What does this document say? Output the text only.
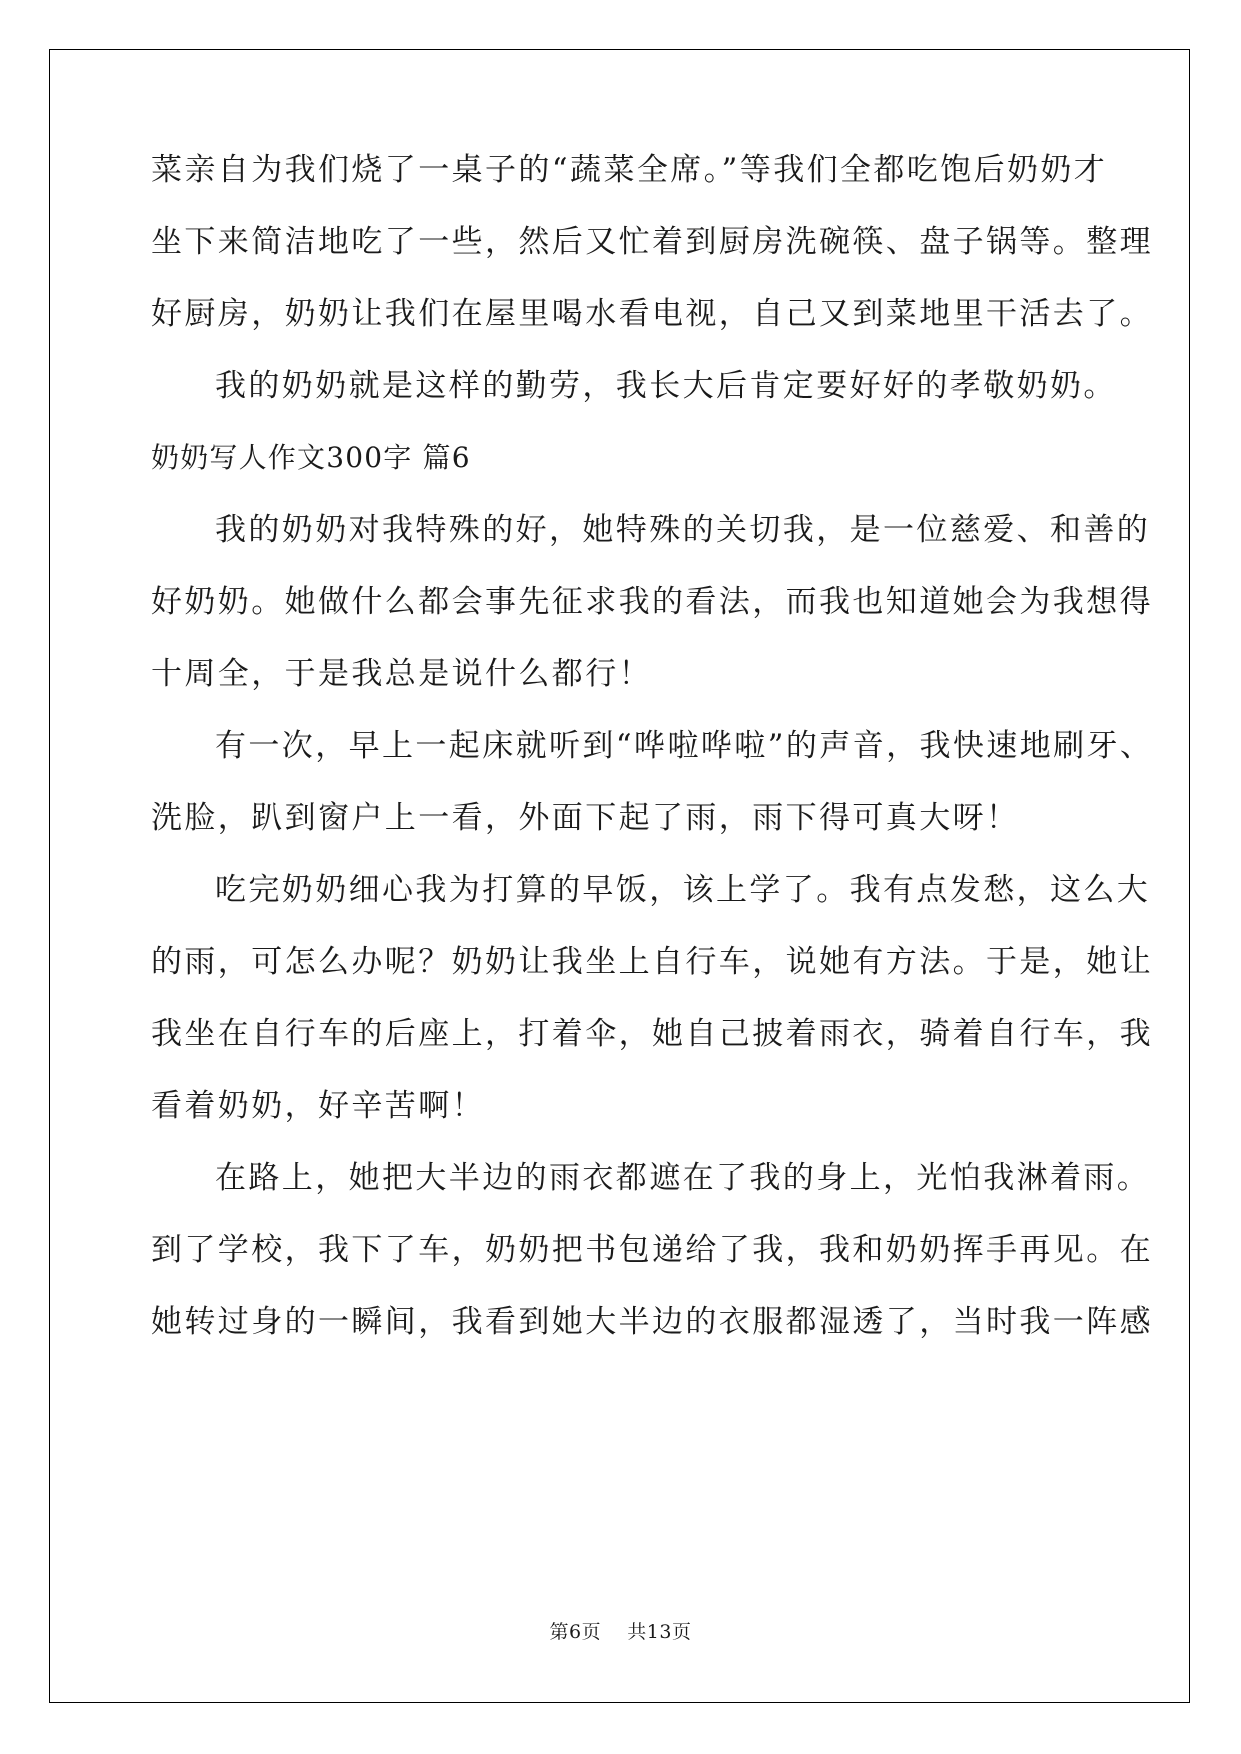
菜亲自为我们烧了一桌子的“蔬菜全席。”等我们全都吃饱后奶奶才
坐下来简洁地吃了一些，然后又忙着到厨房洗碗筷、盘子锅等。整理
好厨房，奶奶让我们在屋里喝水看电视，自己又到菜地里干活去了。
我的奶奶就是这样的勤劳，我长大后肯定要好好的孝敬奶奶。
奶奶写人作文300字 篇6
我的奶奶对我特殊的好，她特殊的关切我，是一位慈爱、和善的
好奶奶。她做什么都会事先征求我的看法，而我也知道她会为我想得
十周全，于是我总是说什么都行！
有一次，早上一起床就听到“哗啦哗啦”的声音，我快速地刷牙、
洗脸，趴到窗户上一看，外面下起了雨，雨下得可真大呀！
吃完奶奶细心我为打算的早饭，该上学了。我有点发愁，这么大
的雨，可怎么办呢？奶奶让我坐上自行车，说她有方法。于是，她让
我坐在自行车的后座上，打着伞，她自己披着雨衣，骑着自行车，我
看着奶奶，好辛苦啊！
在路上，她把大半边的雨衣都遮在了我的身上，光怕我淋着雨。
到了学校，我下了车，奶奶把书包递给了我，我和奶奶挥手再见。在
她转过身的一瞬间，我看到她大半边的衣服都湿透了，当时我一阵感
第6页    共13页
